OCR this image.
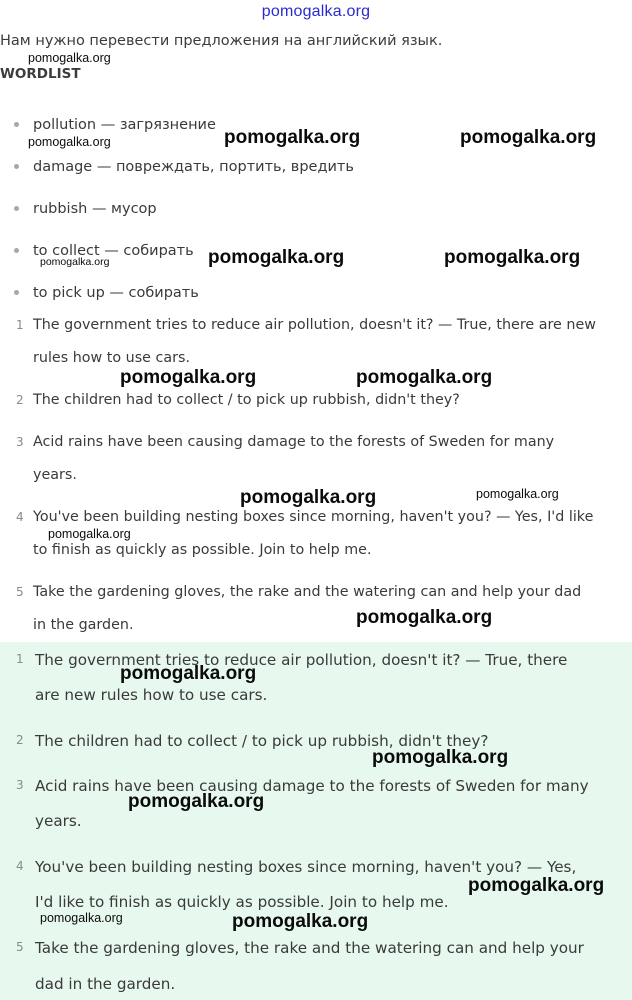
pomogalka.org
Нам нужно перевести предложения на английский язык.
WORDLIST
pollution — загрязнение
damage — повреждать, портить, вредить
rubbish — мусор
to collect — собирать
to pick up — собирать
1 The government tries to reduce air pollution, doesn't it? — True, there are new
rules how to use cars.
2 The children had to collect / to pick up rubbish, didn't they?
3 Acid rains have been causing damage to the forests of Sweden for many
years.
4 You've been building nesting boxes since morning, haven't you? — Yes, I'd like
to finish as quickly as possible. Join to help me.
5 Take the gardening gloves, the rake and the watering can and help your dad
in the garden.
1 The government tries to reduce air pollution, doesn't it? — True, there
are new rules how to use cars.
2 The children had to collect / to pick up rubbish, didn't they?
3 Acid rains have been causing damage to the forests of Sweden for many
years.
4 You've been building nesting boxes since morning, haven't you? — Yes,
I'd like to finish as quickly as possible. Join to help me.
5 Take the gardening gloves, the rake and the watering can and help your
dad in the garden.
pomogalka.org
pomogalka.org	pomogalka.org	pomogalka.org
pomogalka.org	pomogalka.org	pomogalka.org
pomogalka.org	pomogalka.org
pomogalka.org	pomogalka.org
pomogalka.org
pomogalka.org
pomogalka.org
pomogalka.org
pomogalka.org
pomogalka.org
pomogalka.org	pomogalka.org
